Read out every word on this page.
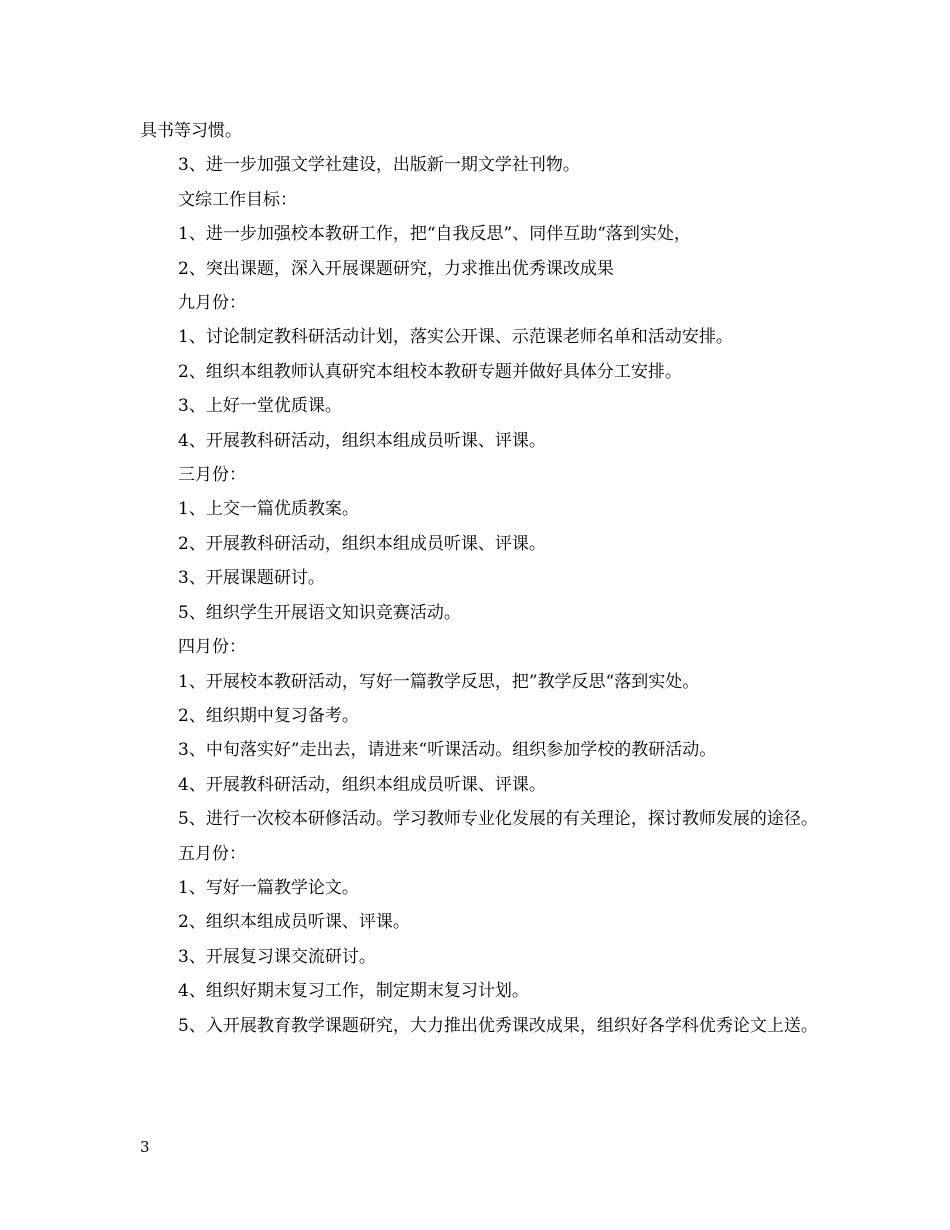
具书等习惯。

3、进一步加强文学社建设，出版新一期文学社刊物。

文综工作目标：

1、进一步加强校本教研工作，把“自我反思”、同伴互助“落到实处，

2、突出课题，深入开展课题研究，力求推出优秀课改成果

九月份：

1、讨论制定教科研活动计划，落实公开课、示范课老师名单和活动安排。

2、组织本组教师认真研究本组校本教研专题并做好具体分工安排。

3、上好一堂优质课。

4、开展教科研活动，组织本组成员听课、评课。

三月份：

1、上交一篇优质教案。

2、开展教科研活动，组织本组成员听课、评课。

3、开展课题研讨。

5、组织学生开展语文知识竞赛活动。

四月份：

1、开展校本教研活动，写好一篇教学反思，把”教学反思“落到实处。

2、组织期中复习备考。

3、中旬落实好”走出去，请进来“听课活动。组织参加学校的教研活动。

4、开展教科研活动，组织本组成员听课、评课。

5、进行一次校本研修活动。学习教师专业化发展的有关理论，探讨教师发展的途径。

五月份：

1、写好一篇教学论文。

2、组织本组成员听课、评课。

3、开展复习课交流研讨。

4、组织好期末复习工作，制定期末复习计划。

5、入开展教育教学课题研究，大力推出优秀课改成果，组织好各学科优秀论文上送。

3
